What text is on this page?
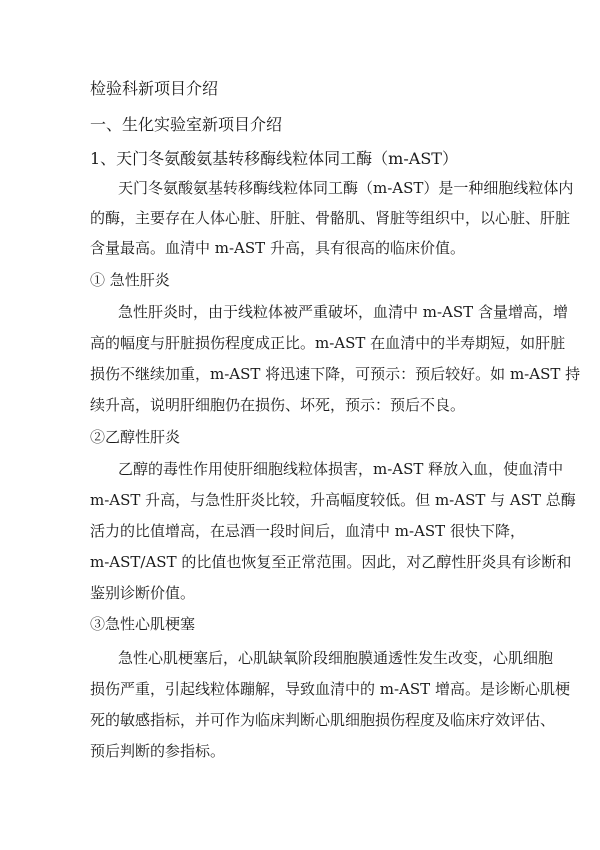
检验科新项目介绍
一、生化实验室新项目介绍
1、天门冬氨酸氨基转移酶线粒体同工酶（m-AST）
天门冬氨酸氨基转移酶线粒体同工酶（m-AST）是一种细胞线粒体内
的酶，主要存在人体心脏、肝脏、骨骼肌、肾脏等组织中，以心脏、肝脏
含量最高。血清中 m-AST 升高，具有很高的临床价值。
① 急性肝炎
急性肝炎时，由于线粒体被严重破坏，血清中 m-AST 含量增高，增
高的幅度与肝脏损伤程度成正比。m-AST 在血清中的半寿期短，如肝脏
损伤不继续加重，m-AST 将迅速下降，可预示：预后较好。如 m-AST 持
续升高，说明肝细胞仍在损伤、坏死，预示：预后不良。
②乙醇性肝炎
乙醇的毒性作用使肝细胞线粒体损害，m-AST 释放入血，使血清中
m-AST 升高，与急性肝炎比较，升高幅度较低。但 m-AST 与 AST 总酶
活力的比值增高，在忌酒一段时间后，血清中 m-AST 很快下降，
m-AST/AST 的比值也恢复至正常范围。因此，对乙醇性肝炎具有诊断和
鉴别诊断价值。
③急性心肌梗塞
急性心肌梗塞后，心肌缺氧阶段细胞膜通透性发生改变，心肌细胞
损伤严重，引起线粒体蹦解，导致血清中的 m-AST 增高。是诊断心肌梗
死的敏感指标，并可作为临床判断心肌细胞损伤程度及临床疗效评估、
预后判断的参指标。
